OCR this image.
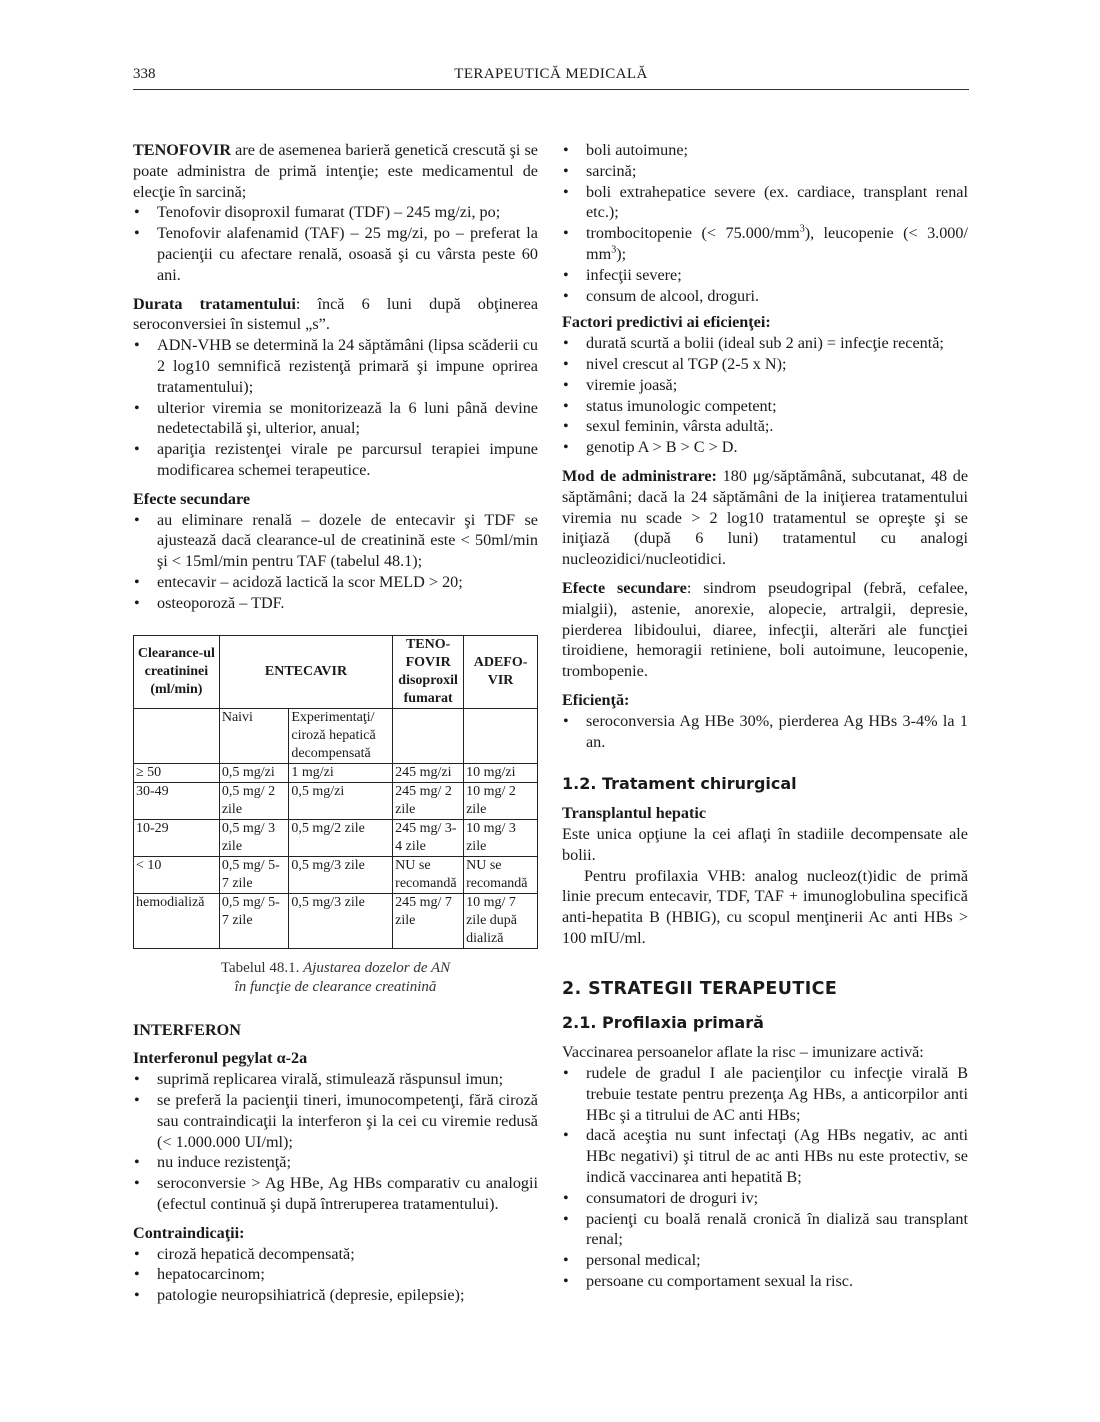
338	TERAPEUTICĂ MEDICALĂ

TENOFOVIR are de asemenea barieră genetică crescută şi se poate administra de primă intenţie; este medicamentul de elecţie în sarcină;

• Tenofovir disoproxil fumarat (TDF) – 245 mg/zi, po;
• Tenofovir alafenamid (TAF) – 25 mg/zi, po – preferat la pacienţii cu afectare renală, osoasă şi cu vârsta peste 60 ani.

Durata tratamentului: încă 6 luni după obţinerea seroconversiei în sistemul „s”.

• ADN-VHB se determină la 24 săptămâni (lipsa scăderii cu 2 log10 semnifică rezistenţă primară şi impune oprirea tratamentului);
• ulterior viremia se monitorizează la 6 luni până devine nedetectabilă şi, ulterior, anual;
• apariţia rezistenţei virale pe parcursul terapiei impune modificarea schemei terapeutice.

Efecte secundare

• au eliminare renală – dozele de entecavir şi TDF se ajustează dacă clearance-ul de creatinină este < 50ml/min şi < 15ml/min pentru TAF (tabelul 48.1);
• entecavir – acidoză lactică la scor MELD > 20;
• osteoporoză – TDF.
Clearance-ul creatininei (ml/min)	ENTECAVIR		TENO-FOVIR disoproxil fumarat	ADEFO-VIR
	Naivi	Experimentaţi/ ciroză hepatică decompensată		
≥ 50	0,5 mg/zi	1 mg/zi	245 mg/zi	10 mg/zi
30-49	0,5 mg/ 2 zile	0,5 mg/zi	245 mg/ 2 zile	10 mg/ 2 zile
10-29	0,5 mg/ 3 zile	0,5 mg/2 zile	245 mg/ 3-4 zile	10 mg/ 3 zile
< 10	0,5 mg/ 5-7 zile	0,5 mg/3 zile	NU se recomandă	NU se recomandă
hemodializă	0,5 mg/ 5-7 zile	0,5 mg/3 zile	245 mg/ 7 zile	10 mg/ 7 zile după dializă
Tabelul 48.1. Ajustarea dozelor de AN
în funcţie de clearance creatinină

INTERFERON

Interferonul pegylat α-2a

• suprimă replicarea virală, stimulează răspunsul imun;
• se preferă la pacienţii tineri, imunocompetenţi, fără ciroză sau contraindicaţii la interferon şi la cei cu viremie redusă (< 1.000.000 UI/ml);
• nu induce rezistenţă;
• seroconversie > Ag HBe, Ag HBs comparativ cu analogii (efectul continuă şi după întreruperea tratamentului).

Contraindicaţii:

• ciroză hepatică decompensată;
• hepatocarcinom;
• patologie neuropsihiatrică (depresie, epilepsie);
• boli autoimune;
• sarcină;
• boli extrahepatice severe (ex. cardiace, transplant renal etc.);
• trombocitopenie (< $75.000/mm^3$), leucopenie (< 3.000/ $mm^3$);
• infecţii severe;
• consum de alcool, droguri.

Factori predictivi ai eficienţei:

• durată scurtă a bolii (ideal sub 2 ani) = infecţie recentă;
• nivel crescut al TGP (2-5 x N);
• viremie joasă;
• status imunologic competent;
• sexul feminin, vârsta adultă;.
• genotip A > B > C > D.

Mod de administrare: 180 μg/săptămână, subcutanat, 48 de săptămâni; dacă la 24 săptămâni de la iniţierea tratamentului viremia nu scade > 2 log10 tratamentul se opreşte şi se iniţiază (după 6 luni) tratamentul cu analogi nucleozidici/nucleotidici.

Efecte secundare: sindrom pseudogripal (febră, cefalee, mialgii), astenie, anorexie, alopecie, artralgii, depresie, pierderea libidoului, diaree, infecţii, alterări ale funcţiei tiroidiene, hemoragii retiniene, boli autoimune, leucopenie, trombopenie.

Eficienţă:

• seroconversia Ag HBe 30%, pierderea Ag HBs 3-4% la 1 an.

1.2. Tratament chirurgical

Transplantul hepatic

Este unica opţiune la cei aflaţi în stadiile decompensate ale bolii.

Pentru profilaxia VHB: analog nucleoz(t)idic de primă linie precum entecavir, TDF, TAF + imunoglobulina specifică anti-hepatita B (HBIG), cu scopul menţinerii Ac anti HBs > 100 mIU/ml.

2. STRATEGII TERAPEUTICE

2.1. Profilaxia primară

Vaccinarea persoanelor aflate la risc – imunizare activă:

• rudele de gradul I ale pacienţilor cu infecţie virală B trebuie testate pentru prezenţa Ag HBs, a anticorpilor anti HBc şi a titrului de AC anti HBs;
• dacă aceştia nu sunt infectaţi (Ag HBs negativ, ac anti HBc negativi) şi titrul de ac anti HBs nu este protectiv, se indică vaccinarea anti hepatită B;
• consumatori de droguri iv;
• pacienţi cu boală renală cronică în dializă sau transplant renal;
• personal medical;
• persoane cu comportament sexual la risc.
